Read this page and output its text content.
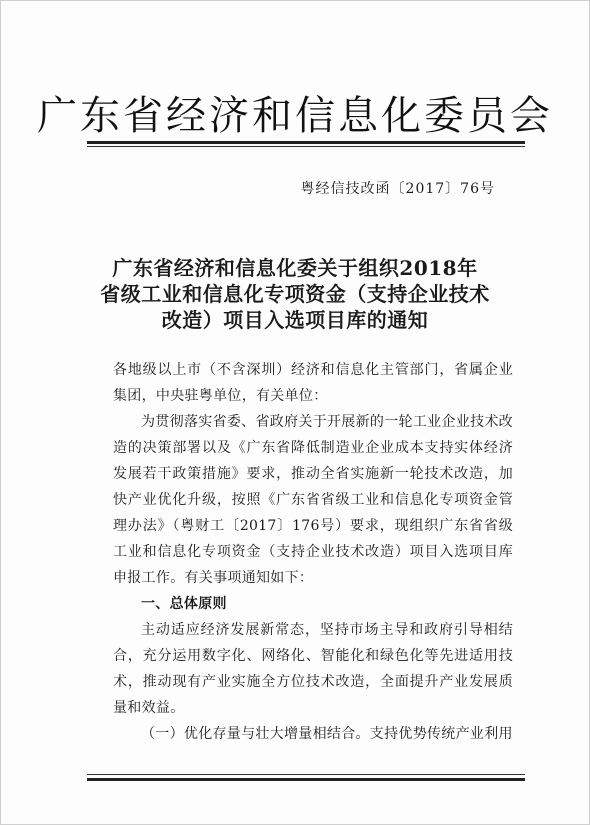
广东省经济和信息化委员会
粤经信技改函〔2017〕76号
广东省经济和信息化委关于组织2018年
省级工业和信息化专项资金（支持企业技术
改造）项目入选项目库的通知

各地级以上市（不含深圳）经济和信息化主管部门，省属企业集团，中央驻粤单位，有关单位：

为贯彻落实省委、省政府关于开展新的一轮工业企业技术改造的决策部署以及《广东省降低制造业企业成本支持实体经济发展若干政策措施》要求，推动全省实施新一轮技术改造，加快产业优化升级，按照《广东省省级工业和信息化专项资金管理办法》（粤财工〔2017〕176号）要求，现组织广东省省级工业和信息化专项资金（支持企业技术改造）项目入选项目库申报工作。有关事项通知如下：

一、总体原则

主动适应经济发展新常态，坚持市场主导和政府引导相结合，充分运用数字化、网络化、智能化和绿色化等先进适用技术，推动现有产业实施全方位技术改造，全面提升产业发展质量和效益。

（一）优化存量与壮大增量相结合。支持优势传统产业利用
